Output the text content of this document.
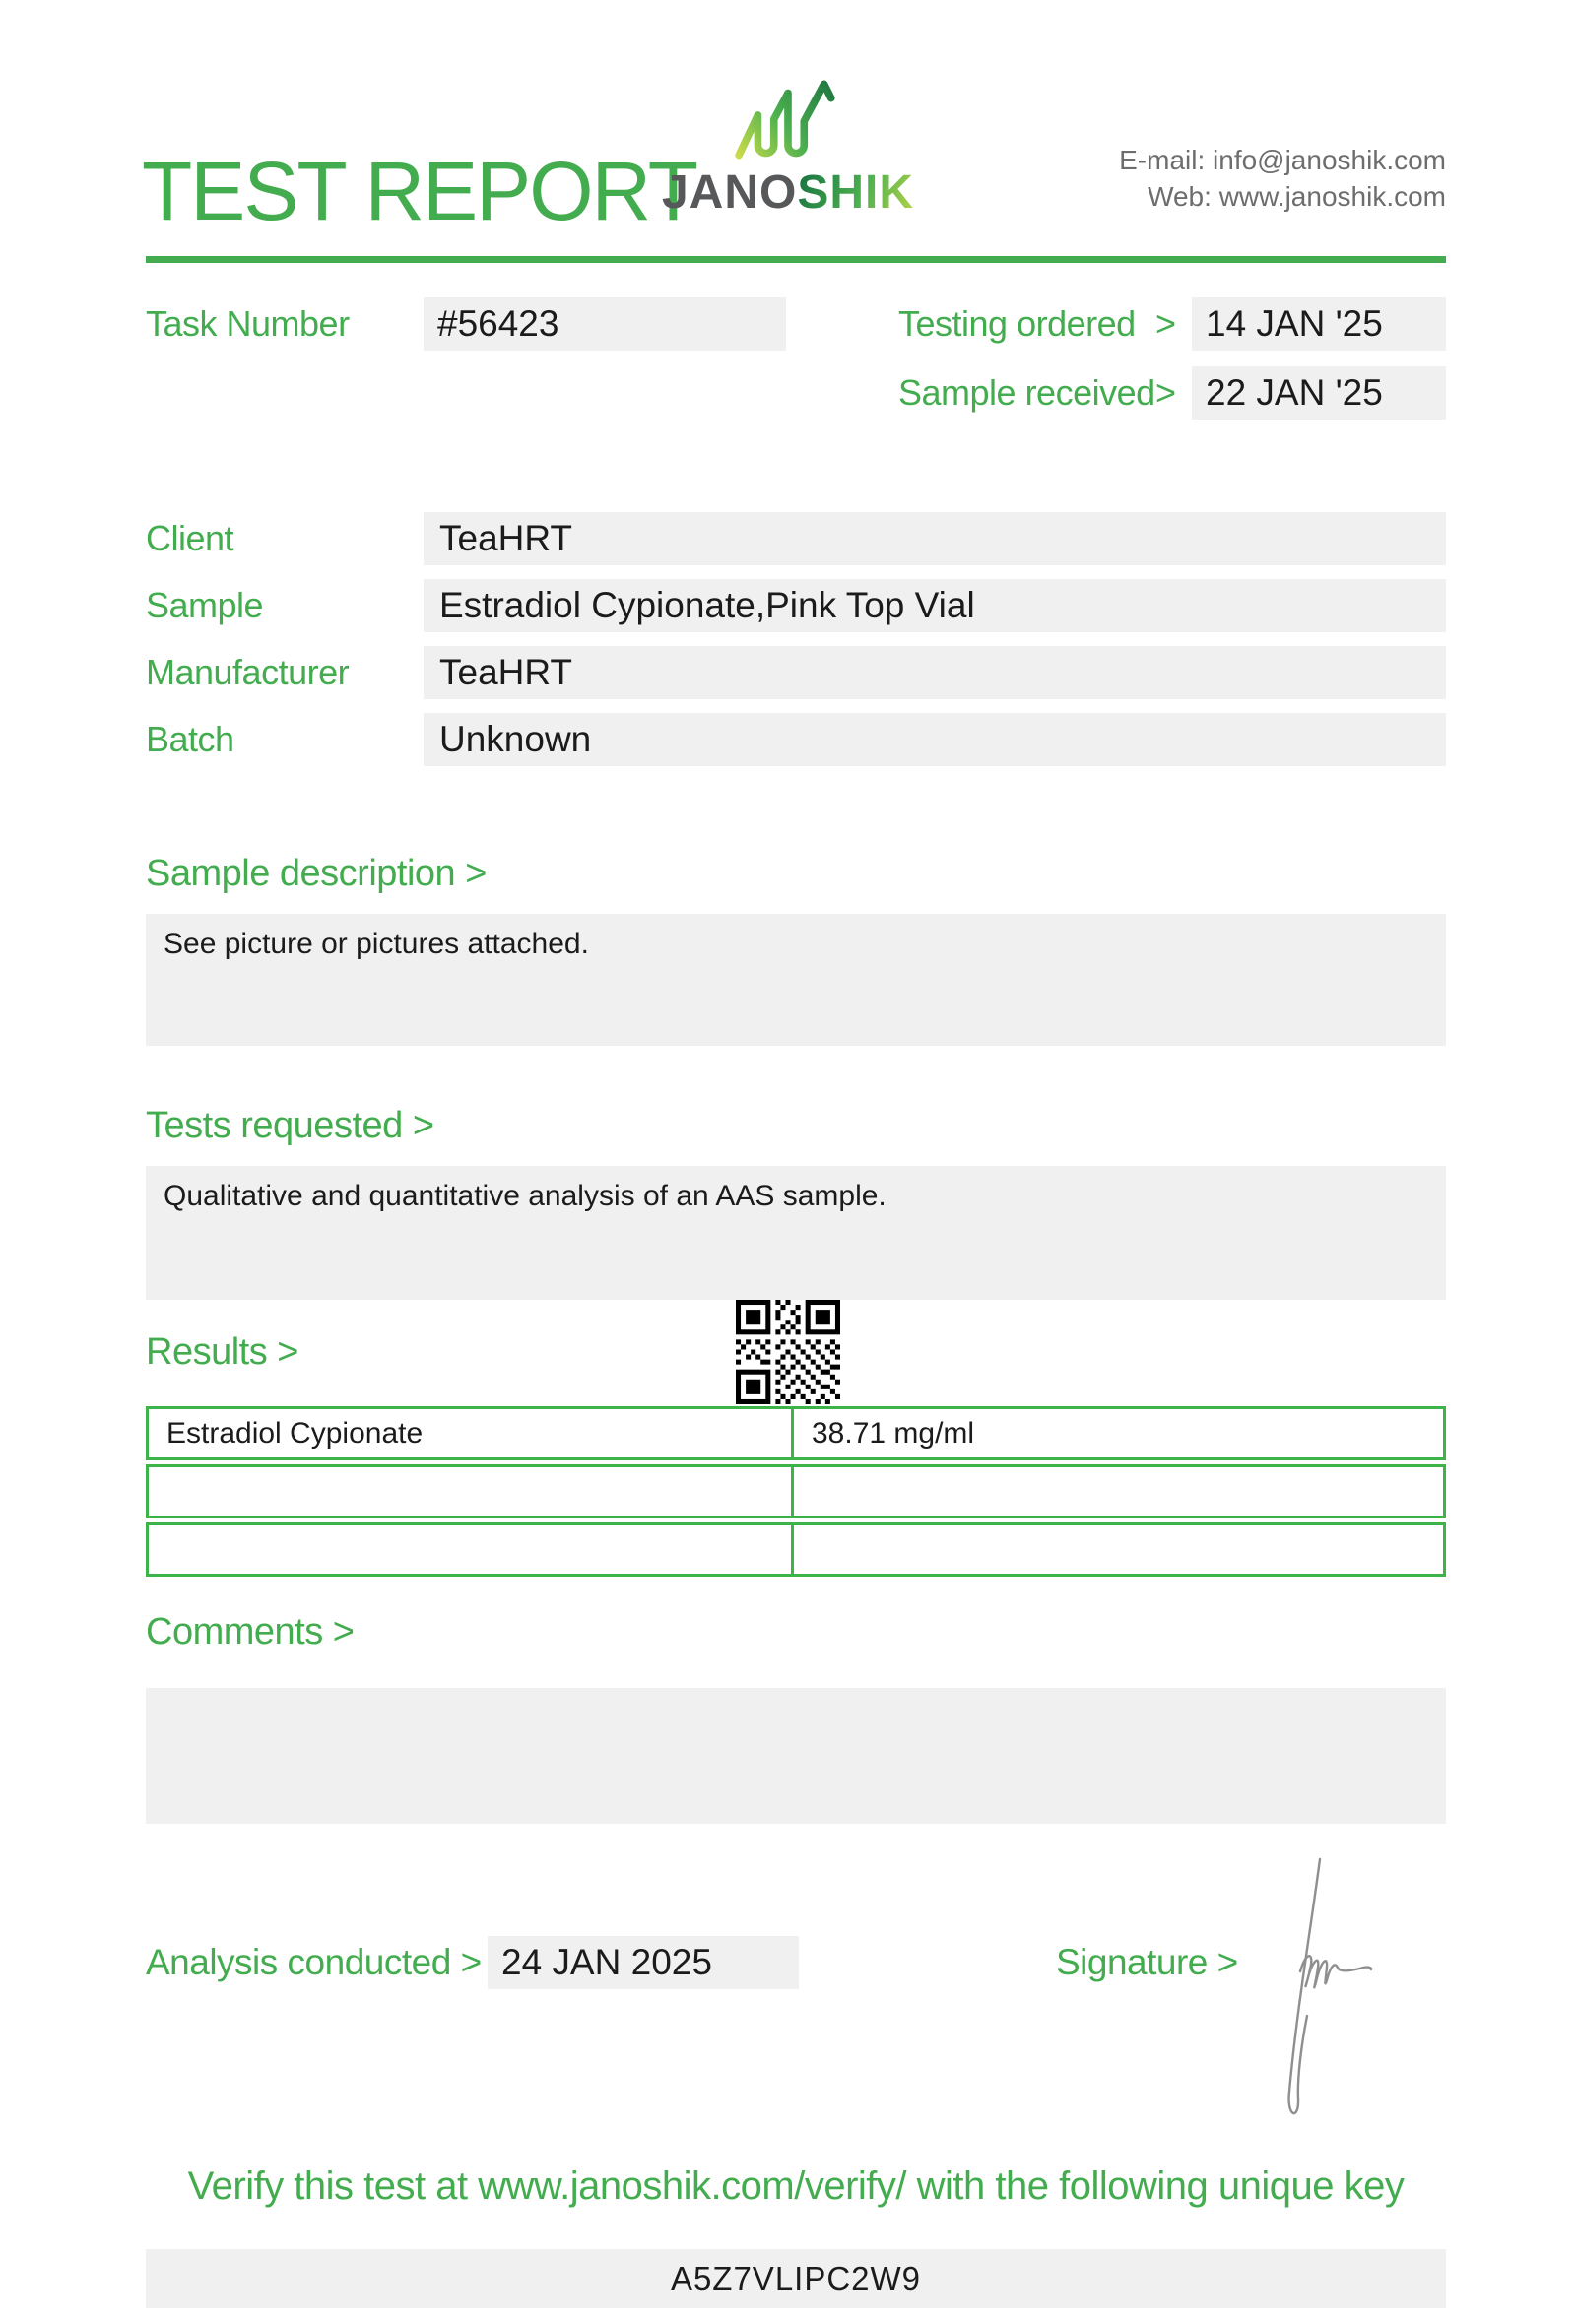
TEST REPORT
JANOSHIK
E-mail: info@janoshik.com
Web: www.janoshik.com
Task Number	#56423	Testing ordered > 14 JAN '25
Sample received > 22 JAN '25
Client	TeaHRT
Sample	Estradiol Cypionate,Pink Top Vial
Manufacturer	TeaHRT
Batch	Unknown
Sample description >
See picture or pictures attached.
Tests requested >
Qualitative and quantitative analysis of an AAS sample.
Results >
Estradiol Cypionate	38.71 mg/ml
Comments >
Analysis conducted > 24 JAN 2025	Signature >
Verify this test at www.janoshik.com/verify/ with the following unique key
A5Z7VLIPC2W9
